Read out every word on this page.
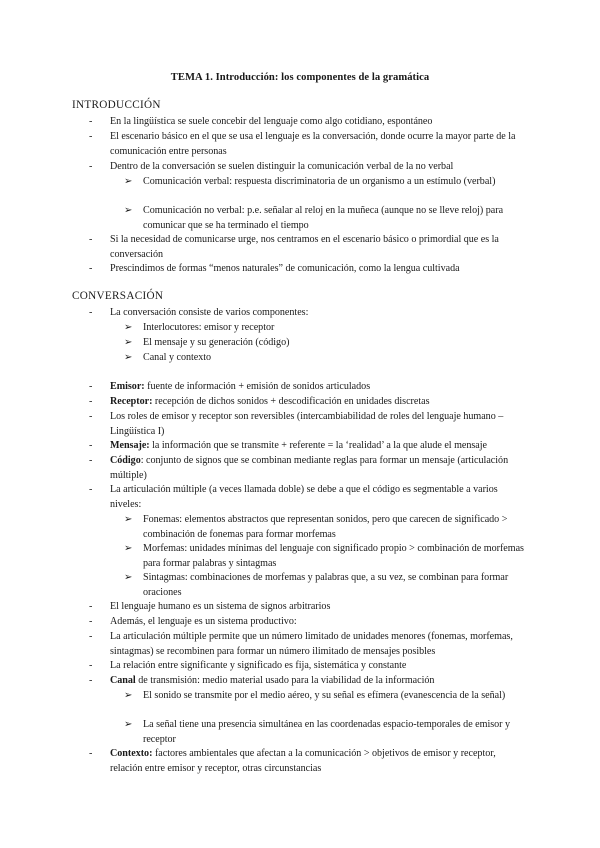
TEMA 1. Introducción: los componentes de la gramática
INTRODUCCIÓN
- En la lingüística se suele concebir del lenguaje como algo cotidiano, espontáneo
- El escenario básico en el que se usa el lenguaje es la conversación, donde ocurre la mayor parte de la comunicación entre personas
- Dentro de la conversación se suelen distinguir la comunicación verbal de la no verbal
➢ Comunicación verbal: respuesta discriminatoria de un organismo a un estímulo (verbal)
➢ Comunicación no verbal: p.e. señalar al reloj en la muñeca (aunque no se lleve reloj) para comunicar que se ha terminado el tiempo
- Si la necesidad de comunicarse urge, nos centramos en el escenario básico o primordial que es la conversación
- Prescindimos de formas “menos naturales” de comunicación, como la lengua cultivada
CONVERSACIÓN
- La conversación consiste de varios componentes:
➢ Interlocutores: emisor y receptor
➢ El mensaje y su generación (código)
➢ Canal y contexto
- Emisor: fuente de información + emisión de sonidos articulados
- Receptor: recepción de dichos sonidos + descodificación en unidades discretas
- Los roles de emisor y receptor son reversibles (intercambiabilidad de roles del lenguaje humano – Lingüística I)
- Mensaje: la información que se transmite + referente = la ‘realidad’ a la que alude el mensaje
- Código: conjunto de signos que se combinan mediante reglas para formar un mensaje (articulación múltiple)
- La articulación múltiple (a veces llamada doble) se debe a que el código es segmentable a varios niveles:
➢ Fonemas: elementos abstractos que representan sonidos, pero que carecen de significado > combinación de fonemas para formar morfemas
➢ Morfemas: unidades mínimas del lenguaje con significado propio > combinación de morfemas para formar palabras y sintagmas
➢ Sintagmas: combinaciones de morfemas y palabras que, a su vez, se combinan para formar oraciones
- El lenguaje humano es un sistema de signos arbitrarios
- Además, el lenguaje es un sistema productivo:
- La articulación múltiple permite que un número limitado de unidades menores (fonemas, morfemas, sintagmas) se recombinen para formar un número ilimitado de mensajes posibles
- La relación entre significante y significado es fija, sistemática y constante
- Canal de transmisión: medio material usado para la viabilidad de la información
➢ El sonido se transmite por el medio aéreo, y su señal es efímera (evanescencia de la señal)
➢ La señal tiene una presencia simultánea en las coordenadas espacio-temporales de emisor y receptor
- Contexto: factores ambientales que afectan a la comunicación > objetivos de emisor y receptor, relación entre emisor y receptor, otras circunstancias
